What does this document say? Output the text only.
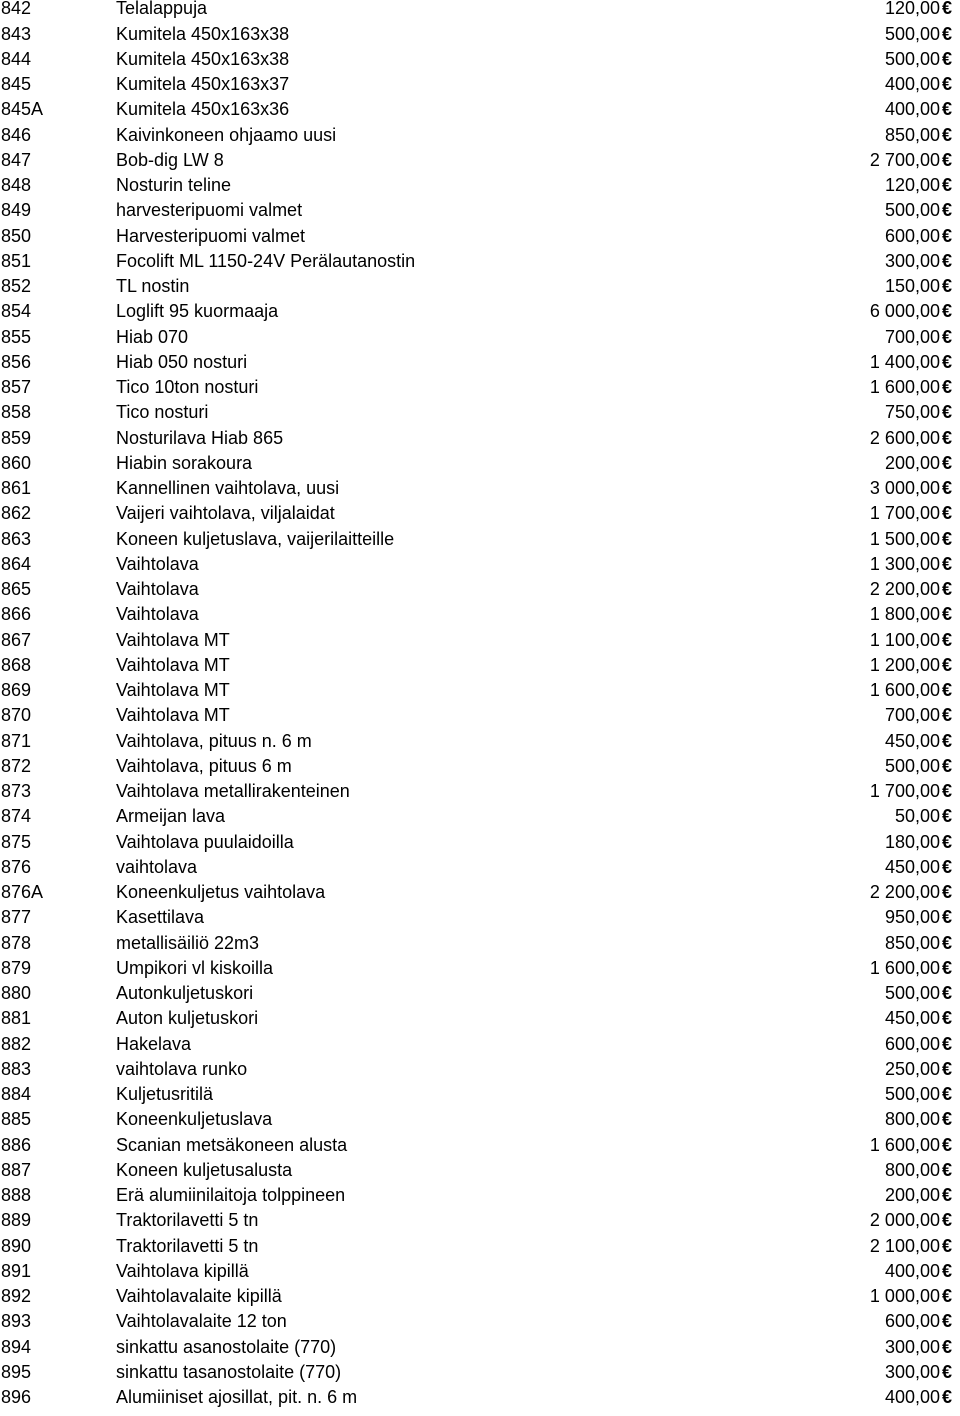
842	Telalappuja	120,00 €
843	Kumitela 450x163x38	500,00 €
844	Kumitela 450x163x38	500,00 €
845	Kumitela 450x163x37	400,00 €
845A	Kumitela 450x163x36	400,00 €
846	Kaivinkoneen ohjaamo uusi	850,00 €
847	Bob-dig LW 8	2 700,00 €
848	Nosturin teline	120,00 €
849	harvesteripuomi valmet	500,00 €
850	Harvesteripuomi valmet	600,00 €
851	Focolift ML 1150-24V Perälautanostin	300,00 €
852	TL nostin	150,00 €
854	Loglift 95 kuormaaja	6 000,00 €
855	Hiab 070	700,00 €
856	Hiab 050 nosturi	1 400,00 €
857	Tico 10ton nosturi	1 600,00 €
858	Tico nosturi	750,00 €
859	Nosturilava Hiab 865	2 600,00 €
860	Hiabin sorakoura	200,00 €
861	Kannellinen vaihtolava, uusi	3 000,00 €
862	Vaijeri vaihtolava, viljalaidat	1 700,00 €
863	Koneen kuljetuslava, vaijerilaitteille	1 500,00 €
864	Vaihtolava	1 300,00 €
865	Vaihtolava	2 200,00 €
866	Vaihtolava	1 800,00 €
867	Vaihtolava MT	1 100,00 €
868	Vaihtolava MT	1 200,00 €
869	Vaihtolava MT	1 600,00 €
870	Vaihtolava MT	700,00 €
871	Vaihtolava, pituus n. 6 m	450,00 €
872	Vaihtolava, pituus 6 m	500,00 €
873	Vaihtolava metallirakenteinen	1 700,00 €
874	Armeijan lava	50,00 €
875	Vaihtolava puulaidoilla	180,00 €
876	vaihtolava	450,00 €
876A	Koneenkuljetus vaihtolava	2 200,00 €
877	Kasettilava	950,00 €
878	metallisäiliö 22m3	850,00 €
879	Umpikori vl kiskoilla	1 600,00 €
880	Autonkuljetuskori	500,00 €
881	Auton kuljetuskori	450,00 €
882	Hakelava	600,00 €
883	vaihtolava runko	250,00 €
884	Kuljetusritilä	500,00 €
885	Koneenkuljetuslava	800,00 €
886	Scanian metsäkoneen alusta	1 600,00 €
887	Koneen kuljetusalusta	800,00 €
888	Erä alumiinilaitoja tolppineen	200,00 €
889	Traktorilavetti 5 tn	2 000,00 €
890	Traktorilavetti 5 tn	2 100,00 €
891	Vaihtolava kipillä	400,00 €
892	Vaihtolavalaite kipillä	1 000,00 €
893	Vaihtolavalaite 12 ton	600,00 €
894	sinkattu asanostolaite (770)	300,00 €
895	sinkattu tasanostolaite (770)	300,00 €
896	Alumiiniset ajosillat, pit. n. 6 m	400,00 €
